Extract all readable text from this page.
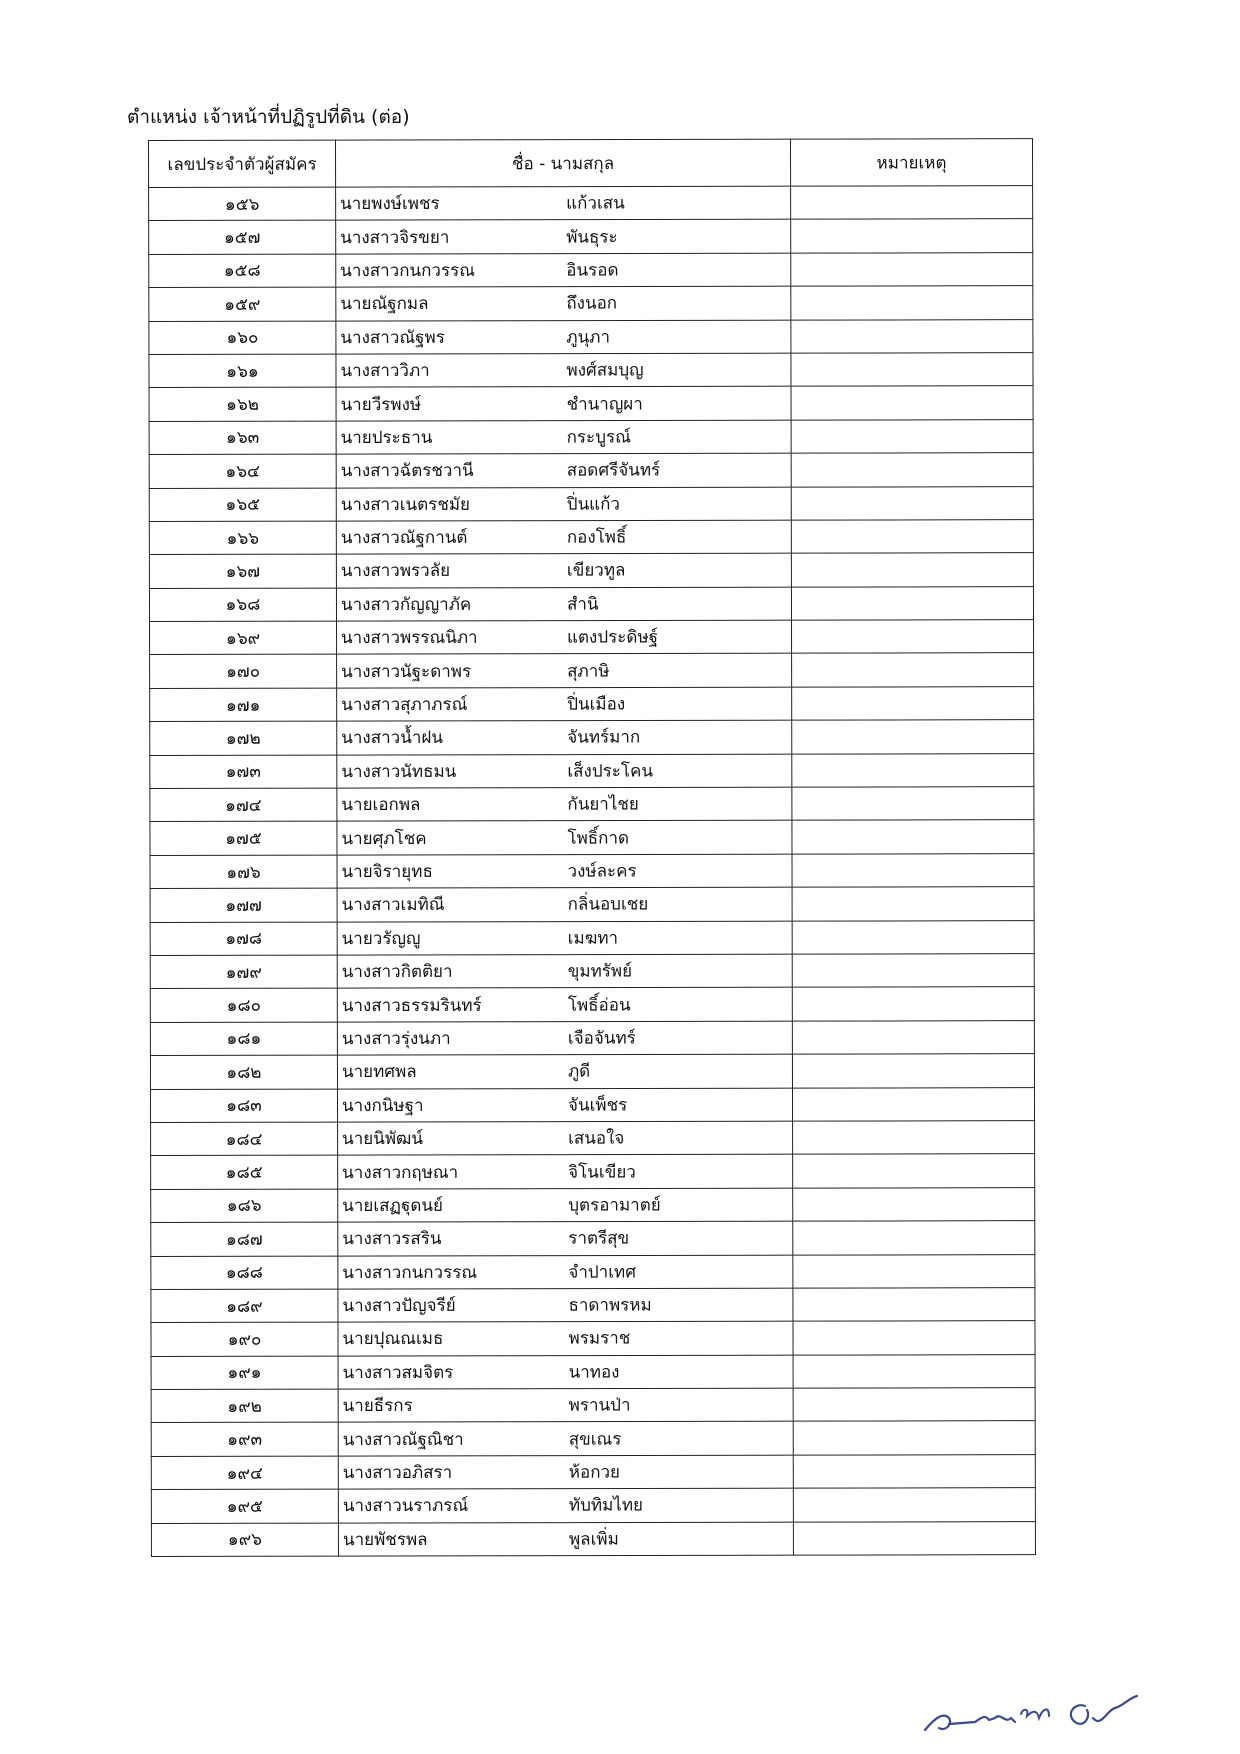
ตำแหน่ง เจ้าหน้าที่ปฏิรูปที่ดิน (ต่อ)
เลขประจำตัวผู้สมัคร	ชื่อ - นามสกุล	หมายเหตุ
๑๕๖	นายพงษ์เพชร แก้วเสน	

๑๕๗	นางสาวจิรขยา พันธุระ	

๑๕๘	นางสาวกนกวรรณ อินรอด	

๑๕๙	นายณัฐกมล ถึงนอก	

๑๖๐	นางสาวณัฐพร ภูนุภา	

๑๖๑	นางสาววิภา พงศ์สมบุญ	

๑๖๒	นายวีรพงษ์ ชำนาญผา	

๑๖๓	นายประธาน กระบูรณ์	

๑๖๔	นางสาวฉัตรชวานี สอดศรีจันทร์	

๑๖๕	นางสาวเนตรชมัย ปิ่นแก้ว	

๑๖๖	นางสาวณัฐกานต์ กองโพธิ์	

๑๖๗	นางสาวพรวลัย เขียวทูล	

๑๖๘	นางสาวกัญญาภัค สำนิ	

๑๖๙	นางสาวพรรณนิภา แตงประดิษฐ์	

๑๗๐	นางสาวนัฐะดาพร สุภาษิ	

๑๗๑	นางสาวสุภาภรณ์ ปิ่นเมือง	

๑๗๒	นางสาวน้ำฝน จันทร์มาก	

๑๗๓	นางสาวนัทธมน เส็งประโคน	

๑๗๔	นายเอกพล กันยาไชย	

๑๗๕	นายศุภโชค โพธิ์กาด	

๑๗๖	นายจิรายุทธ วงษ์ละคร	

๑๗๗	นางสาวเมทิณี กลิ่นอบเชย	

๑๗๘	นายวรัญญู เมฆทา	

๑๗๙	นางสาวกิตติยา ขุมทรัพย์	

๑๘๐	นางสาวธรรมรินทร์ โพธิ์อ่อน	

๑๘๑	นางสาวรุ่งนภา เจือจันทร์	

๑๘๒	นายทศพล ภูดี	

๑๘๓	นางกนิษฐา จันเพ็ชร	

๑๘๔	นายนิพัฒน์ เสนอใจ	

๑๘๕	นางสาวกฤษณา จิโนเขียว	

๑๘๖	นายเสฏฐุดนย์ บุตรอามาตย์	

๑๘๗	นางสาวรสริน ราตรีสุข	

๑๘๘	นางสาวกนกวรรณ จำปาเทศ	

๑๘๙	นางสาวปัญจรีย์ ธาดาพรหม	

๑๙๐	นายปุณณเมธ พรมราช	

๑๙๑	นางสาวสมจิตร นาทอง	

๑๙๒	นายธีรกร พรานป่า	

๑๙๓	นางสาวณัฐณิชา สุขเณร	

๑๙๔	นางสาวอภิสรา ห้อกวย	

๑๙๕	นางสาวนราภรณ์ ทับทิมไทย	

๑๙๖	นายพัชรพล พูลเพิ่ม	
